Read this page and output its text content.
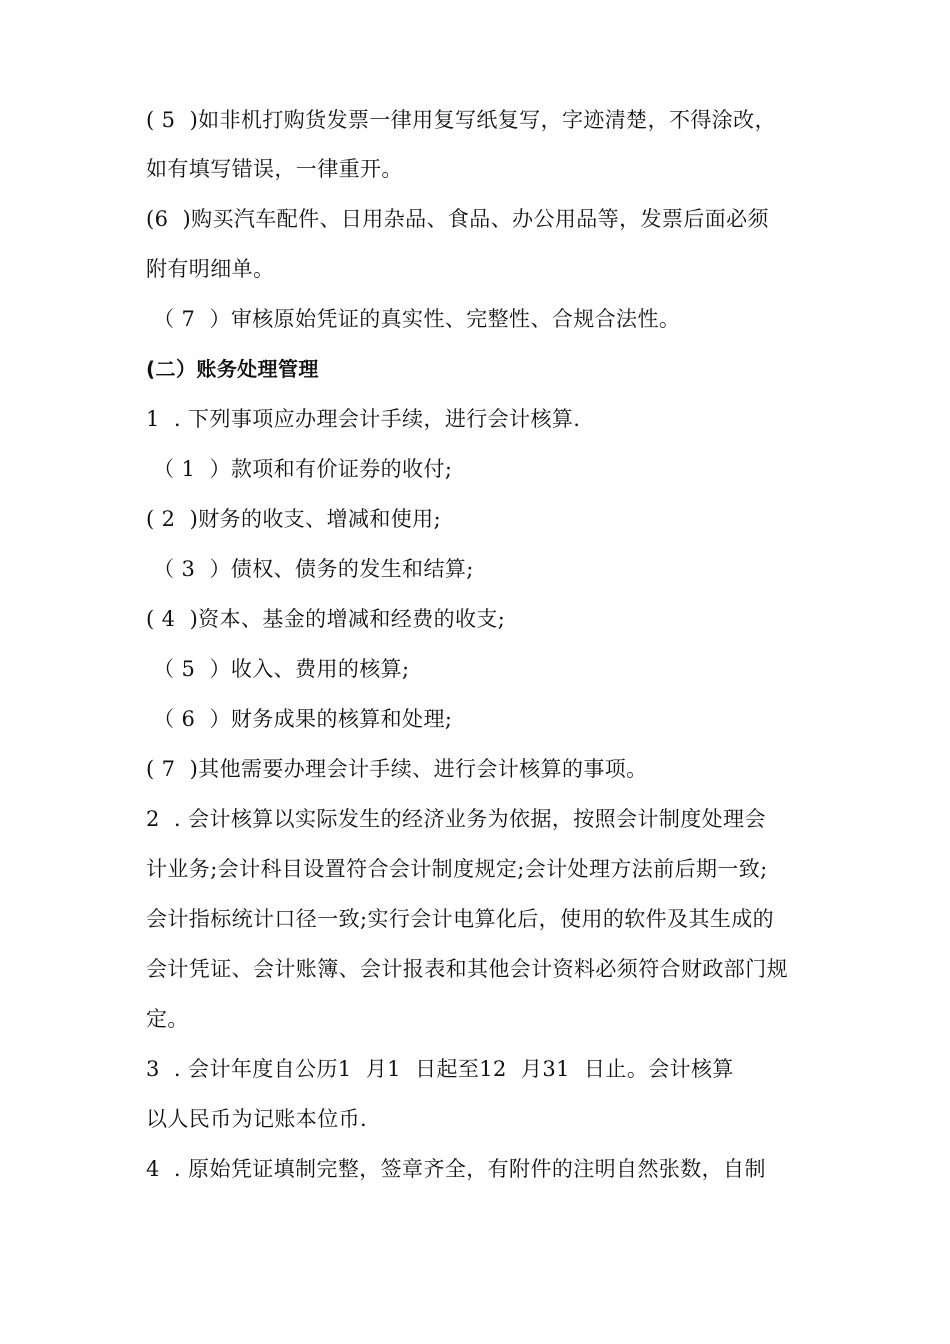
( 5  )如非机打购货发票一律用复写纸复写，字迹清楚，不得涂改，
如有填写错误，一律重开。
(6  )购买汽车配件、日用杂品、食品、办公用品等，发票后面必须
附有明细单。
（ 7  ）审核原始凭证的真实性、完整性、合规合法性。
(二）账务处理管理
1  . 下列事项应办理会计手续，进行会计核算.
（ 1  ）款项和有价证券的收付;
( 2  )财务的收支、增减和使用;
（ 3  ）债权、债务的发生和结算;
( 4  )资本、基金的增减和经费的收支;
（ 5  ）收入、费用的核算;
（ 6  ）财务成果的核算和处理;
( 7  )其他需要办理会计手续、进行会计核算的事项。
2  . 会计核算以实际发生的经济业务为依据，按照会计制度处理会
计业务;会计科目设置符合会计制度规定;会计处理方法前后期一致;
会计指标统计口径一致;实行会计电算化后，使用的软件及其生成的
会计凭证、会计账簿、会计报表和其他会计资料必须符合财政部门规
定。
3  . 会计年度自公历1  月1  日起至12  月31  日止。会计核算
以人民币为记账本位币.
4  . 原始凭证填制完整，签章齐全，有附件的注明自然张数，自制
